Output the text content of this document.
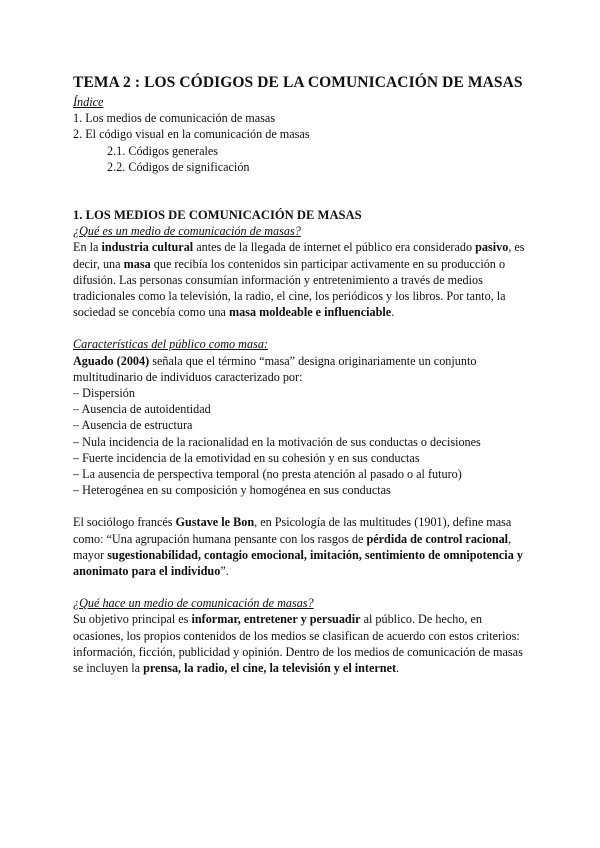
TEMA 2 : LOS CÓDIGOS DE LA COMUNICACIÓN DE MASAS
Índice
1. Los medios de comunicación de masas
2. El código visual en la comunicación de masas
2.1. Códigos generales
2.2. Códigos de significación
1. LOS MEDIOS DE COMUNICACIÓN DE MASAS
¿Qué es un medio de comunicación de masas?

En la industria cultural antes de la llegada de internet el público era considerado pasivo, es decir, una masa que recibía los contenidos sin participar activamente en su producción o difusión. Las personas consumían información y entretenimiento a través de medios tradicionales como la televisión, la radio, el cine, los periódicos y los libros. Por tanto, la sociedad se concebía como una masa moldeable e influenciable.

Características del público como masa:

Aguado (2004) señala que el término “masa” designa originariamente un conjunto multitudinario de individuos caracterizado por:

– Dispersión
– Ausencia de autoidentidad
– Ausencia de estructura
– Nula incidencia de la racionalidad en la motivación de sus conductas o decisiones
– Fuerte incidencia de la emotividad en su cohesión y en sus conductas
– La ausencia de perspectiva temporal (no presta atención al pasado o al futuro)
– Heterogénea en su composición y homogénea en sus conductas

El sociólogo francés Gustave le Bon, en Psicología de las multitudes (1901), define masa como: “Una agrupación humana pensante con los rasgos de pérdida de control racional, mayor sugestionabilidad, contagio emocional, imitación, sentimiento de omnipotencia y anonimato para el individuo”.

¿Qué hace un medio de comunicación de masas?

Su objetivo principal es informar, entretener y persuadir al público. De hecho, en ocasiones, los propios contenidos de los medios se clasifican de acuerdo con estos criterios: información, ficción, publicidad y opinión. Dentro de los medios de comunicación de masas se incluyen la prensa, la radio, el cine, la televisión y el internet.
